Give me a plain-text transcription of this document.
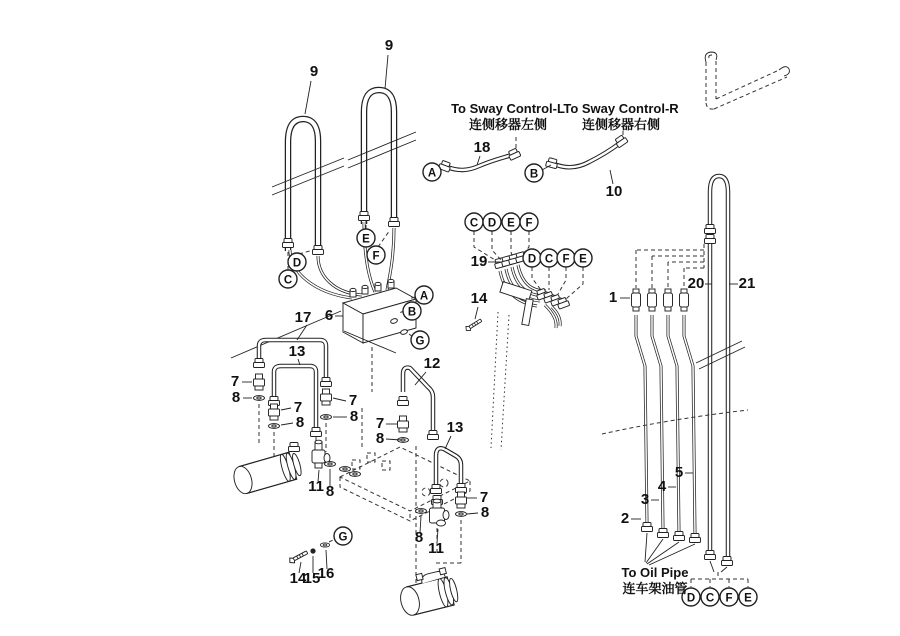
9
9
18
10
19
14
17 6
13
12
7
8
7
8
7
8 7
8
13
7
8
8
11
8
11
14
15
16
1
2
3
4
5
20 21
A	B
A
B
G
D
C
E
F
C D E F
D C F E
G
D C F E
To Sway Control-L
连侧移器左侧
To Sway Control-R
连侧移器右侧
To Oil Pipe
连车架油管
